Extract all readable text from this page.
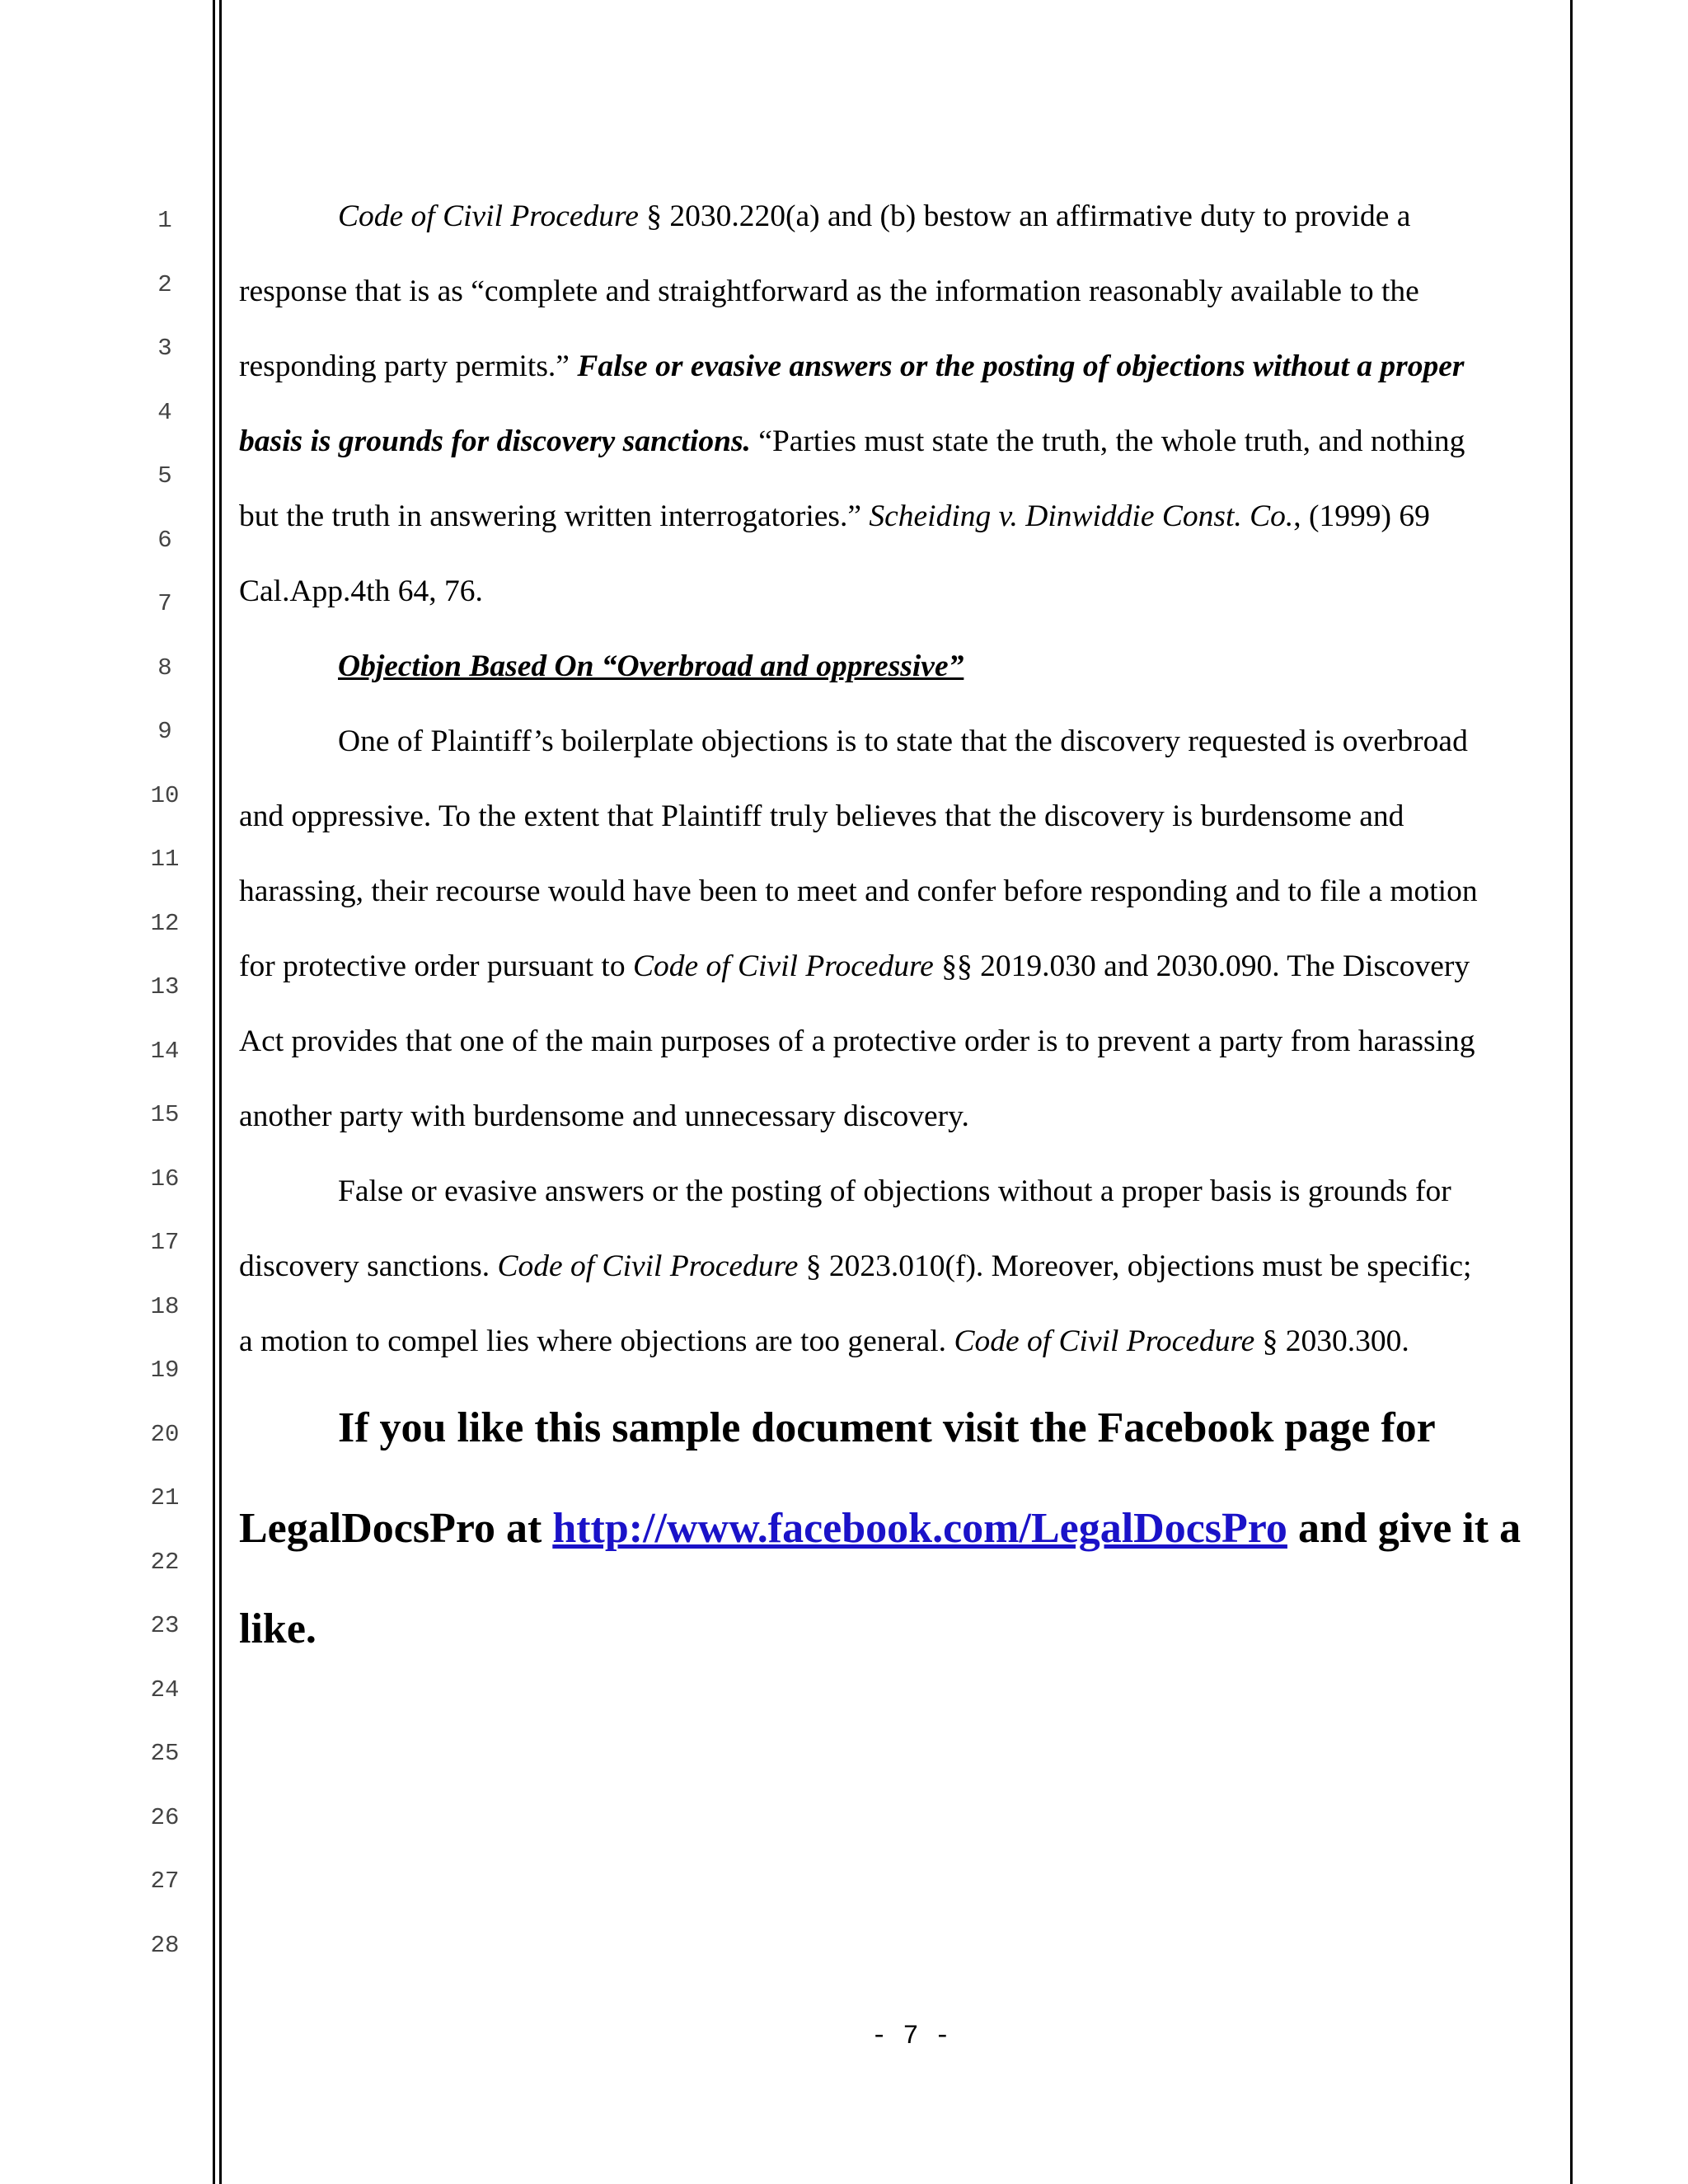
1
2
3
4
5
6
7
8
9
10
11
12
13
14
15
16
17
18
19
20
21
22
23
24
25
26
27
28
Code of Civil Procedure § 2030.220(a) and (b) bestow an affirmative duty to provide a
response that is as “complete and straightforward as the information reasonably available to the
responding party permits.” False or evasive answers or the posting of objections without a proper
basis is grounds for discovery sanctions. “Parties must state the truth, the whole truth, and nothing
but the truth in answering written interrogatories.” Scheiding v. Dinwiddie Const. Co., (1999) 69
Cal.App.4th 64, 76.
Objection Based On “Overbroad and oppressive”
One of Plaintiff’s boilerplate objections is to state that the discovery requested is overbroad
and oppressive. To the extent that Plaintiff truly believes that the discovery is burdensome and
harassing, their recourse would have been to meet and confer before responding and to file a motion
for protective order pursuant to Code of Civil Procedure §§ 2019.030 and 2030.090. The Discovery
Act provides that one of the main purposes of a protective order is to prevent a party from harassing
another party with burdensome and unnecessary discovery.
False or evasive answers or the posting of objections without a proper basis is grounds for
discovery sanctions. Code of Civil Procedure § 2023.010(f). Moreover, objections must be specific;
a motion to compel lies where objections are too general. Code of Civil Procedure § 2030.300.
If you like this sample document visit the Facebook page for
LegalDocsPro at http://www.facebook.com/LegalDocsPro and give it a
like.
- 7 -
